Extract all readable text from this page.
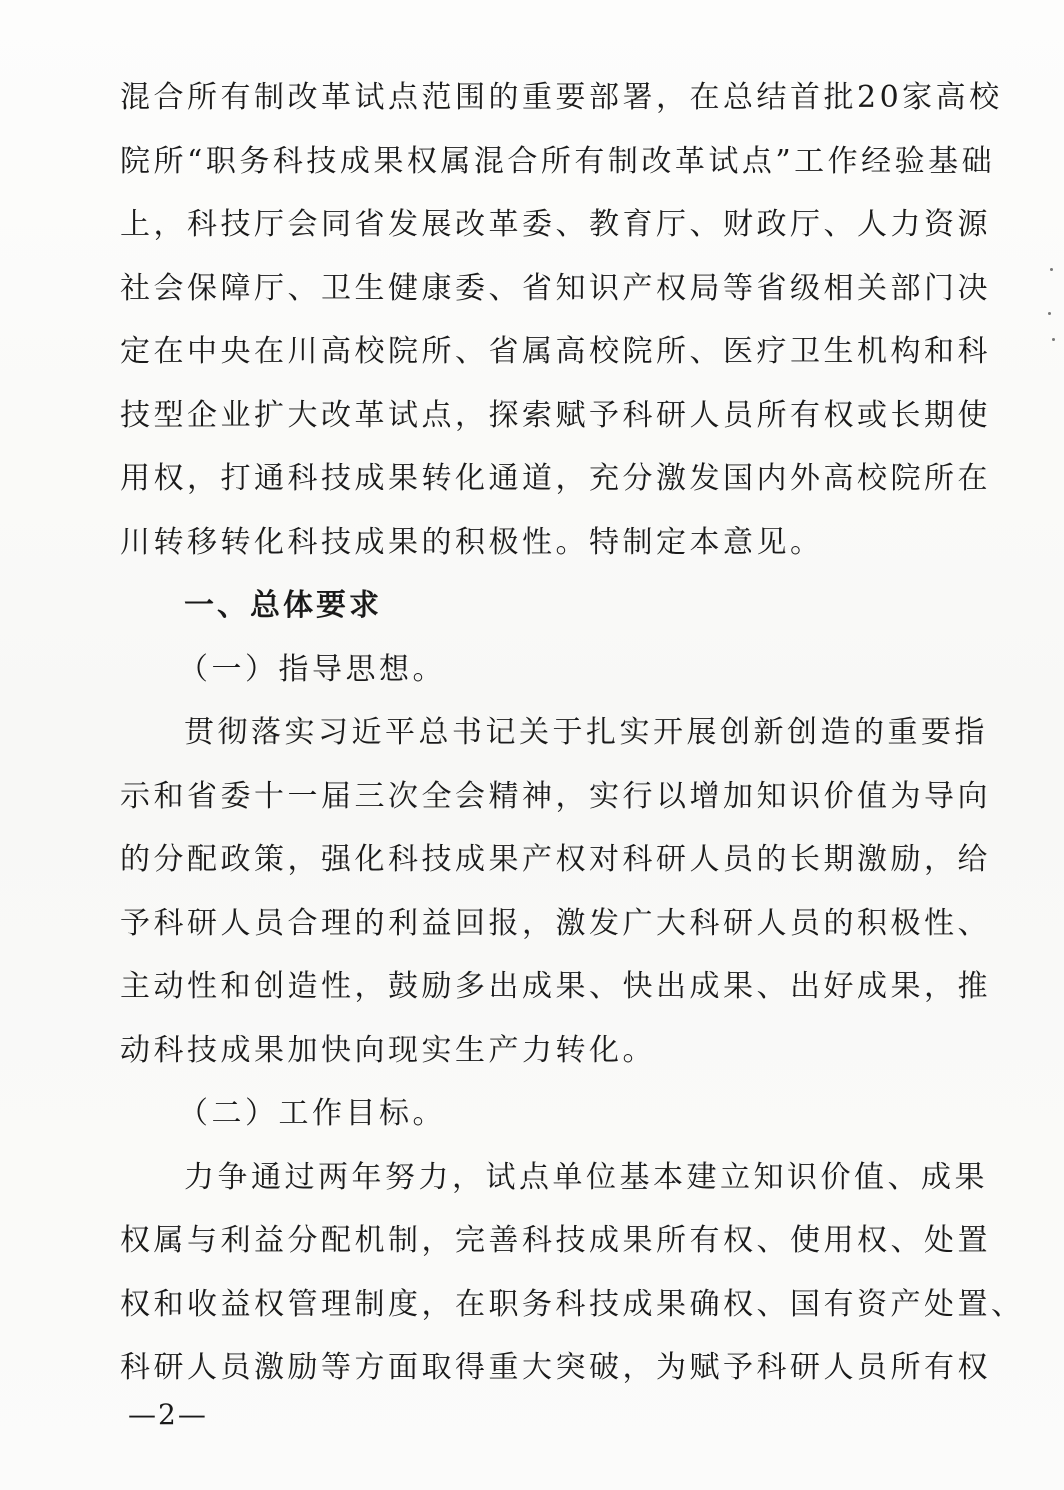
混合所有制改革试点范围的重要部署，在总结首批20家高校
院所“职务科技成果权属混合所有制改革试点”工作经验基础
上，科技厅会同省发展改革委、教育厅、财政厅、人力资源
社会保障厅、卫生健康委、省知识产权局等省级相关部门决
定在中央在川高校院所、省属高校院所、医疗卫生机构和科
技型企业扩大改革试点，探索赋予科研人员所有权或长期使
用权，打通科技成果转化通道，充分激发国内外高校院所在
川转移转化科技成果的积极性。特制定本意见。
一、总体要求
（一）指导思想。
贯彻落实习近平总书记关于扎实开展创新创造的重要指
示和省委十一届三次全会精神，实行以增加知识价值为导向
的分配政策，强化科技成果产权对科研人员的长期激励，给
予科研人员合理的利益回报，激发广大科研人员的积极性、
主动性和创造性，鼓励多出成果、快出成果、出好成果，推
动科技成果加快向现实生产力转化。
（二）工作目标。
力争通过两年努力，试点单位基本建立知识价值、成果
权属与利益分配机制，完善科技成果所有权、使用权、处置
权和收益权管理制度，在职务科技成果确权、国有资产处置、
科研人员激励等方面取得重大突破，为赋予科研人员所有权
—2—
